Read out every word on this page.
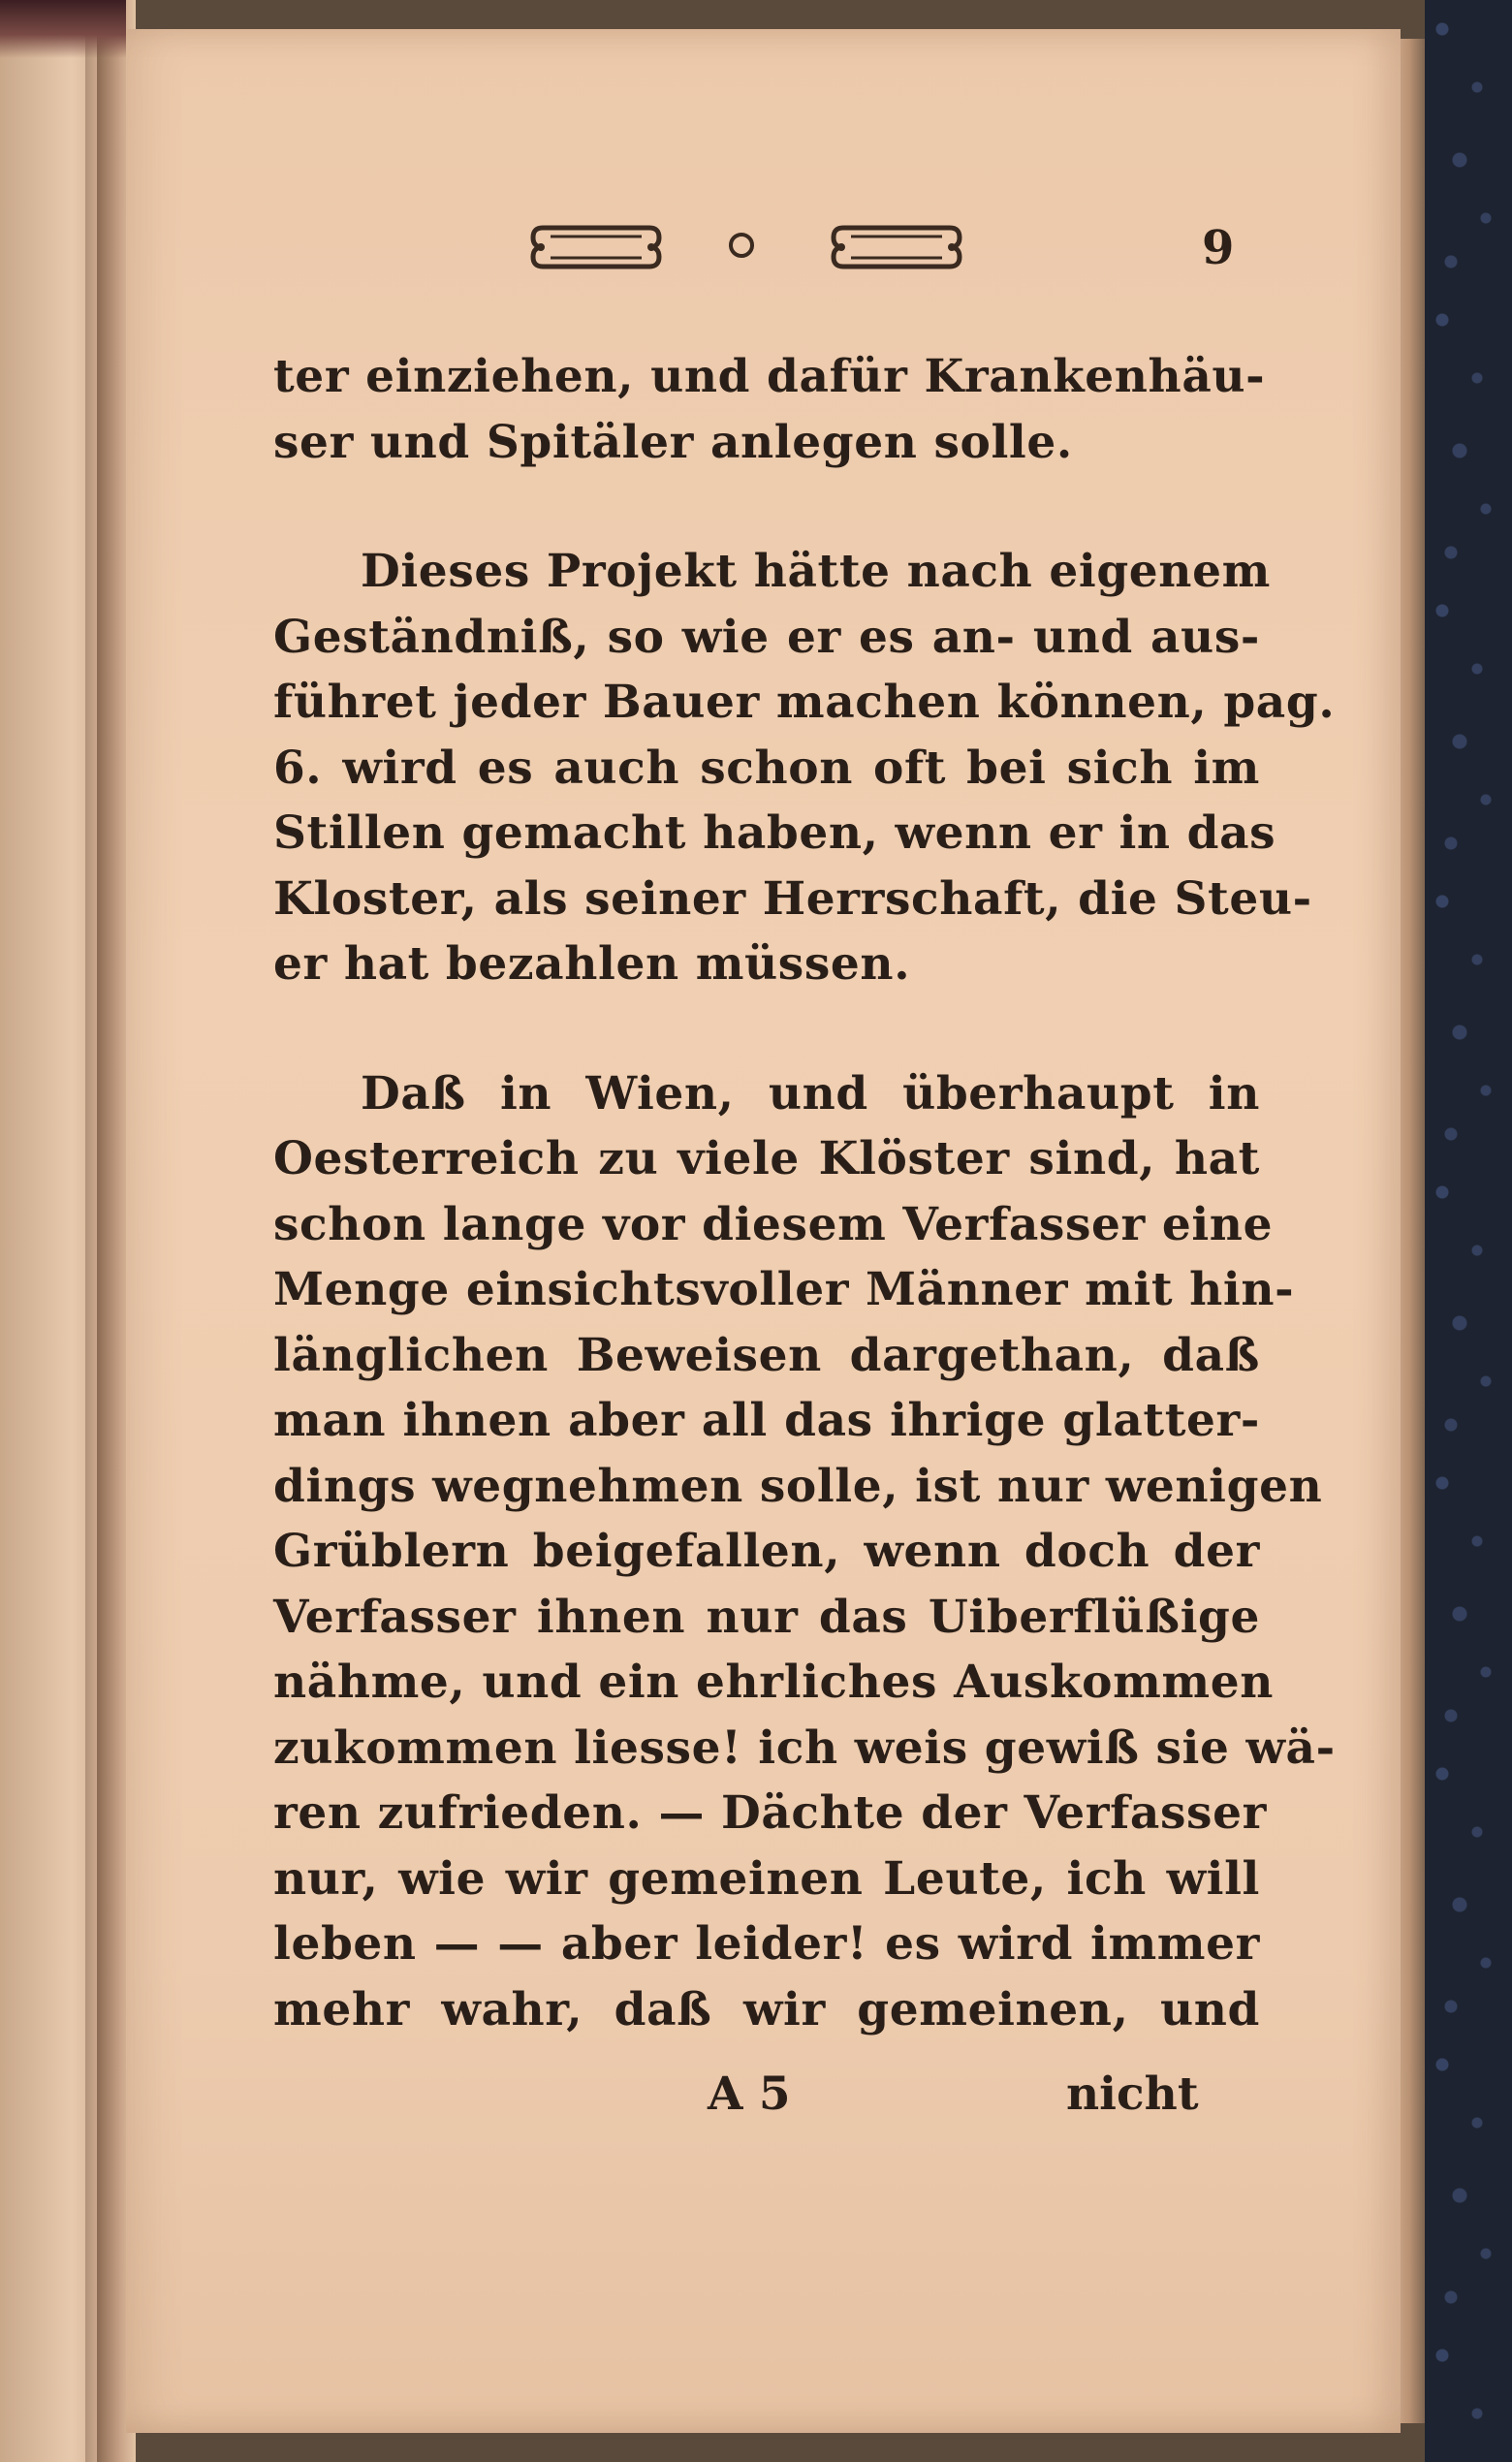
9
ter einziehen, und dafür Krankenhäu-
ser und Spitäler anlegen solle.
Dieses Projekt hätte nach eigenem
Geständniß, so wie er es an- und aus-
führet jeder Bauer machen können, pag.
6. wird es auch schon oft bei sich im
Stillen gemacht haben, wenn er in das
Kloster, als seiner Herrschaft, die Steu-
er hat bezahlen müssen.
Daß in Wien, und überhaupt in
Oesterreich zu viele Klöster sind, hat
schon lange vor diesem Verfasser eine
Menge einsichtsvoller Männer mit hin-
länglichen Beweisen dargethan, daß
man ihnen aber all das ihrige glatter-
dings wegnehmen solle, ist nur wenigen
Grüblern beigefallen, wenn doch der
Verfasser ihnen nur das Uiberflüßige
nähme, und ein ehrliches Auskommen
zukommen liesse! ich weis gewiß sie wä-
ren zufrieden. — Dächte der Verfasser
nur, wie wir gemeinen Leute, ich will
leben — — aber leider! es wird immer
mehr wahr, daß wir gemeinen, und
A 5	nicht
